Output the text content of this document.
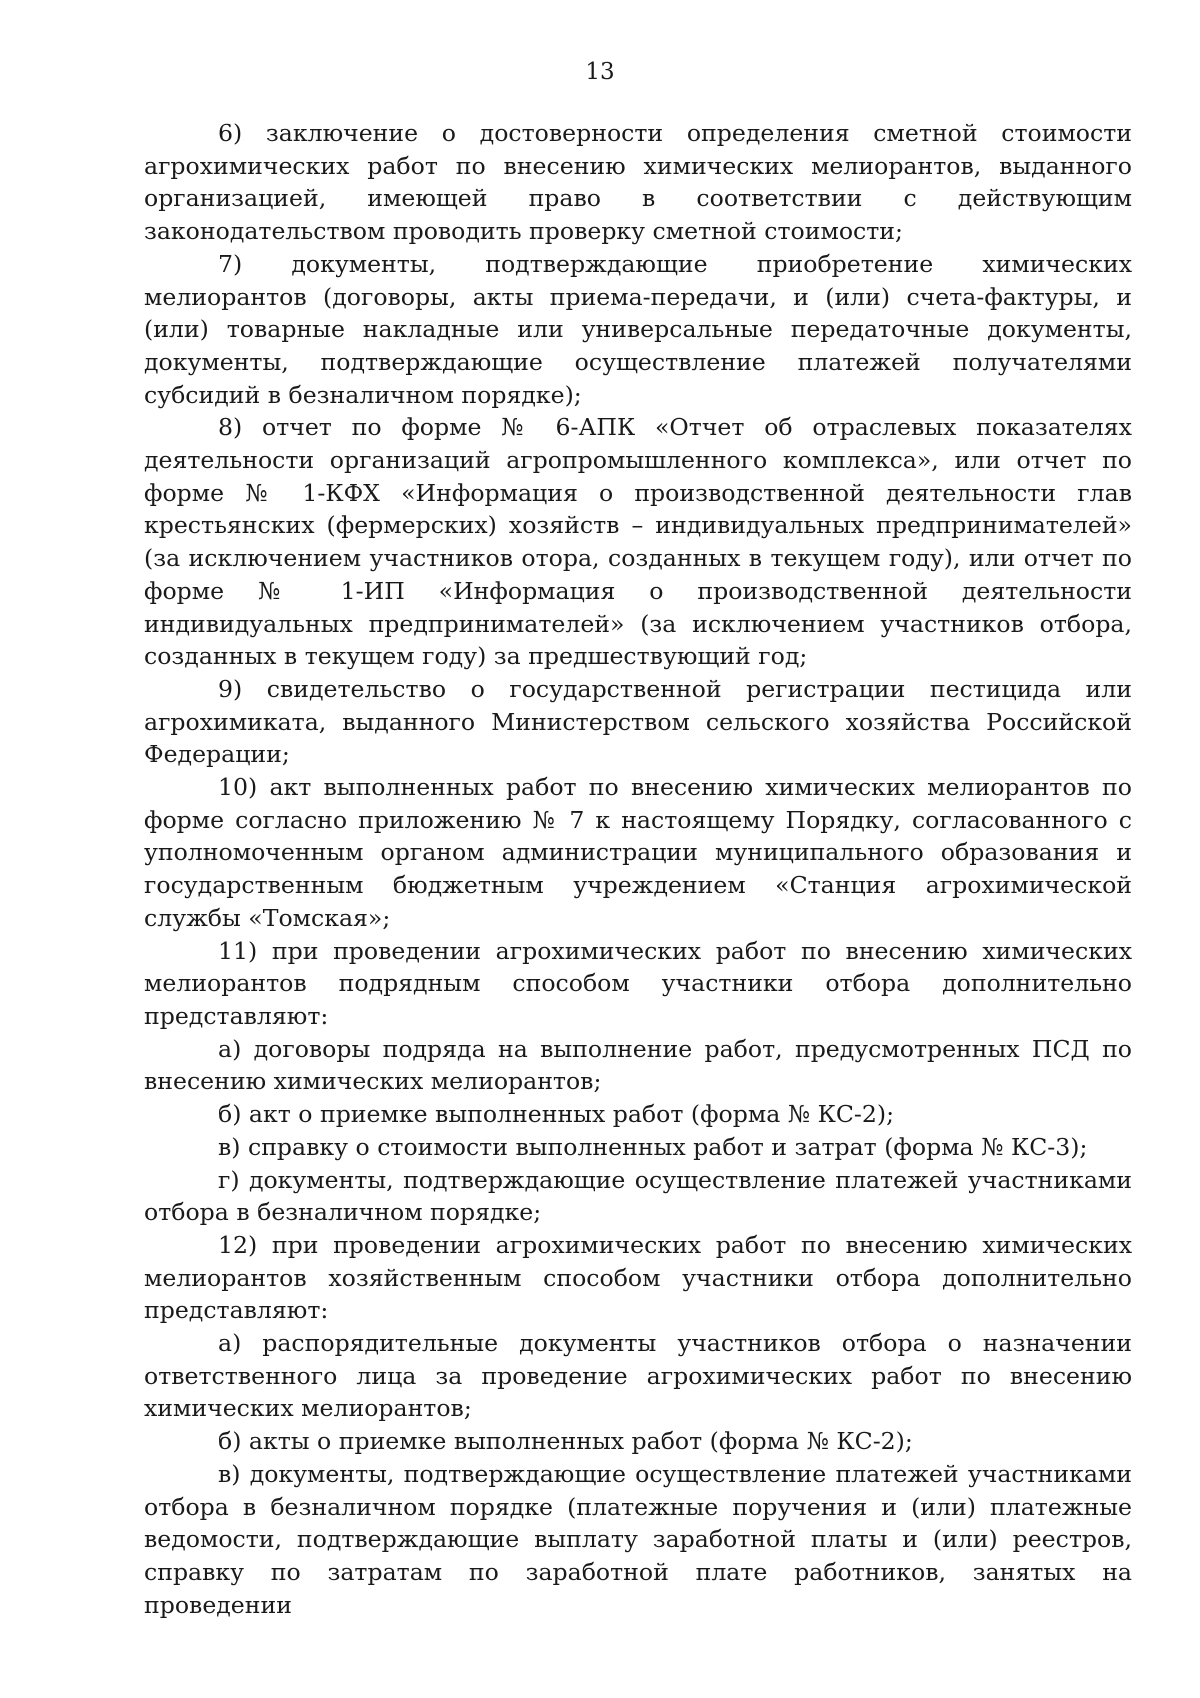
13

6) заключение о достоверности определения сметной стоимости агрохимических работ по внесению химических мелиорантов, выданного организацией, имеющей право в соответствии с действующим законодательством проводить проверку сметной стоимости;

7) документы, подтверждающие приобретение химических мелиорантов (договоры, акты приема-передачи, и (или) счета-фактуры, и (или) товарные накладные или универсальные передаточные документы, документы, подтверждающие осуществление платежей получателями субсидий в безналичном порядке);

8) отчет по форме № 6-АПК «Отчет об отраслевых показателях деятельности организаций агропромышленного комплекса», или отчет по форме № 1-КФХ «Информация о производственной деятельности глав крестьянских (фермерских) хозяйств – индивидуальных предпринимателей» (за исключением участников отора, созданных в текущем году), или отчет по форме № 1-ИП «Информация о производственной деятельности индивидуальных предпринимателей» (за исключением участников отбора, созданных в текущем году) за предшествующий год;

9) свидетельство о государственной регистрации пестицида или агрохимиката, выданного Министерством сельского хозяйства Российской Федерации;

10) акт выполненных работ по внесению химических мелиорантов по форме согласно приложению № 7 к настоящему Порядку, согласованного с уполномоченным органом администрации муниципального образования и государственным бюджетным учреждением «Станция агрохимической службы «Томская»;

11) при проведении агрохимических работ по внесению химических мелиорантов подрядным способом участники отбора дополнительно представляют:

а) договоры подряда на выполнение работ, предусмотренных ПСД по внесению химических мелиорантов;

б) акт о приемке выполненных работ (форма № КС-2);

в) справку о стоимости выполненных работ и затрат (форма № КС-3);

г) документы, подтверждающие осуществление платежей участниками отбора в безналичном порядке;

12) при проведении агрохимических работ по внесению химических мелиорантов хозяйственным способом участники отбора дополнительно представляют:

а) распорядительные документы участников отбора о назначении ответственного лица за проведение агрохимических работ по внесению химических мелиорантов;

б) акты о приемке выполненных работ (форма № КС-2);

в) документы, подтверждающие осуществление платежей участниками отбора в безналичном порядке (платежные поручения и (или) платежные ведомости, подтверждающие выплату заработной платы и (или) реестров, справку по затратам по заработной плате работников, занятых на проведении
